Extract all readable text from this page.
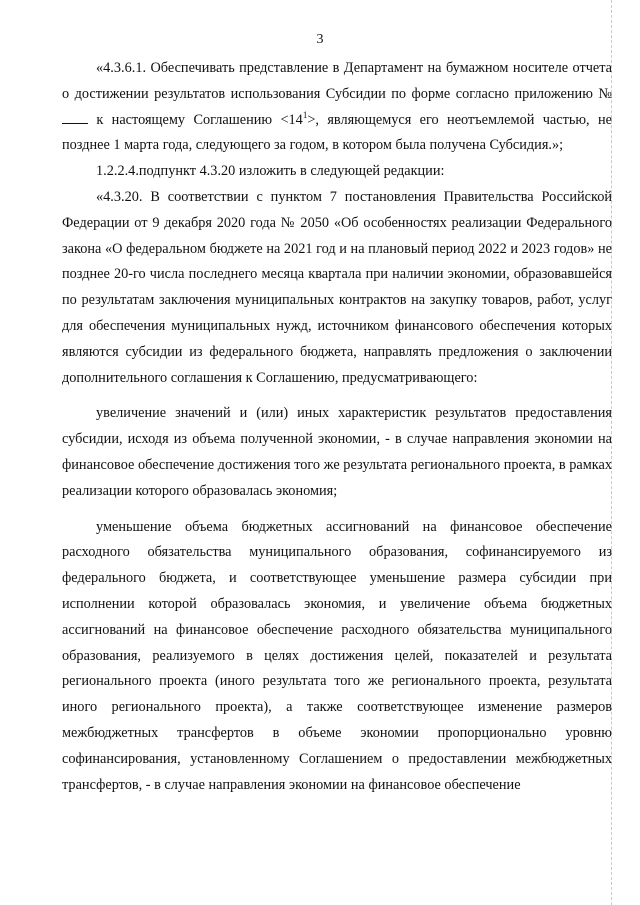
3

«4.3.6.1. Обеспечивать представление в Департамент на бумажном носителе отчета о достижении результатов использования Субсидии по форме согласно приложению № к настоящему Соглашению $<14^1>$, являющемуся его неотъемлемой частью, не позднее 1 марта года, следующего за годом, в котором была получена Субсидия.»;

1.2.2.4.подпункт 4.3.20 изложить в следующей редакции:

«4.3.20. В соответствии с пунктом 7 постановления Правительства Российской Федерации от 9 декабря 2020 года № 2050 «Об особенностях реализации Федерального закона «О федеральном бюджете на 2021 год и на плановый период 2022 и 2023 годов» не позднее 20-го числа последнего месяца квартала при наличии экономии, образовавшейся по результатам заключения муниципальных контрактов на закупку товаров, работ, услуг для обеспечения муниципальных нужд, источником финансового обеспечения которых являются субсидии из федерального бюджета, направлять предложения о заключении дополнительного соглашения к Соглашению, предусматривающего:

увеличение значений и (или) иных характеристик результатов предоставления субсидии, исходя из объема полученной экономии, - в случае направления экономии на финансовое обеспечение достижения того же результата регионального проекта, в рамках реализации которого образовалась экономия;

уменьшение объема бюджетных ассигнований на финансовое обеспечение расходного обязательства муниципального образования, софинансируемого из федерального бюджета, и соответствующее уменьшение размера субсидии при исполнении которой образовалась экономия, и увеличение объема бюджетных ассигнований на финансовое обеспечение расходного обязательства муниципального образования, реализуемого в целях достижения целей, показателей и результата регионального проекта (иного результата того же регионального проекта, результата иного регионального проекта), а также соответствующее изменение размеров межбюджетных трансфертов в объеме экономии пропорционально уровню софинансирования, установленному Соглашением о предоставлении межбюджетных трансфертов, - в случае направления экономии на финансовое обеспечение
